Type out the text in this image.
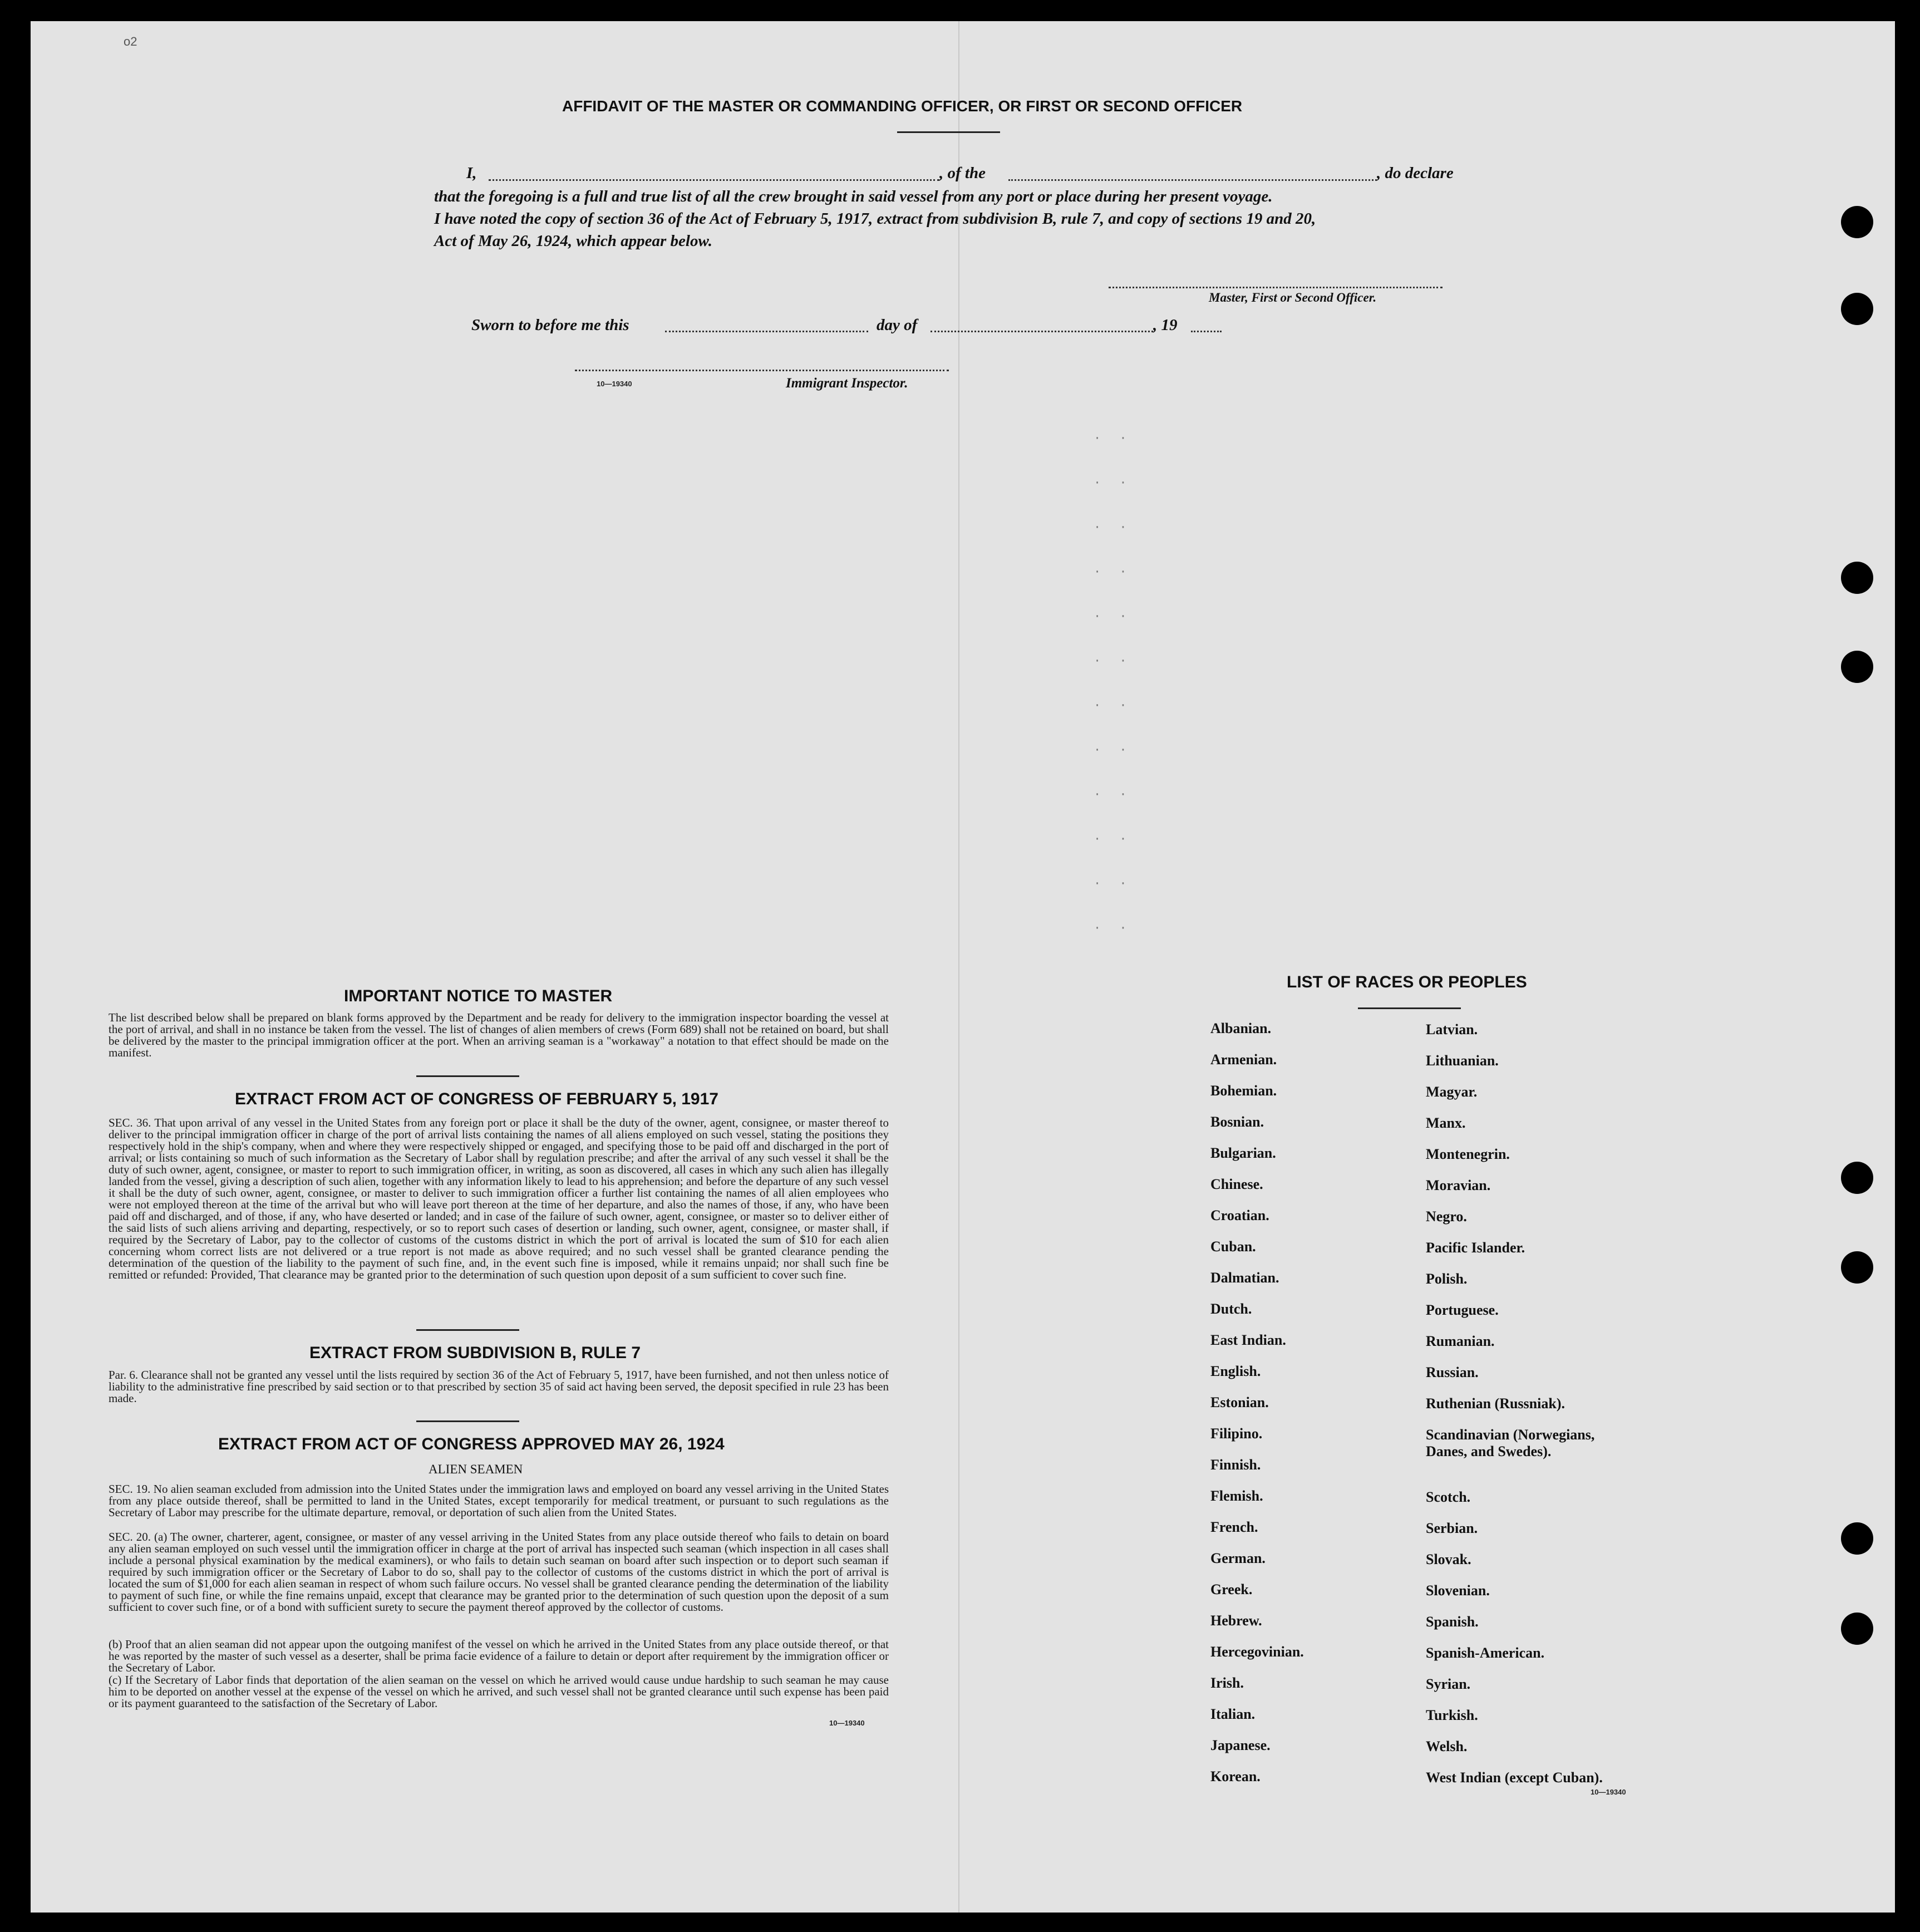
o2
AFFIDAVIT OF THE MASTER OR COMMANDING OFFICER, OR FIRST OR SECOND OFFICER
I,	, of the	, do declare
that the foregoing is a full and true list of all the crew brought in said vessel from any port or place during her present voyage.
I have noted the copy of section 36 of the Act of February 5, 1917, extract from subdivision B, rule 7, and copy of sections 19 and 20,
Act of May 26, 1924, which appear below.
Master, First or Second Officer.
Sworn to before me this	day of	, 19
10—19340	Immigrant Inspector.
· ·
· ·
· ·
· ·
· ·
· ·
· ·
· ·
· ·
· ·
· ·
· ·
IMPORTANT NOTICE TO MASTER
The list described below shall be prepared on blank forms approved by the Department and be ready for delivery to the immigration inspector boarding the vessel at the port of arrival, and shall in no instance be taken from the vessel. The list of changes of alien members of crews (Form 689) shall not be retained on board, but shall be delivered by the master to the principal immigration officer at the port. When an arriving seaman is a "workaway" a notation to that effect should be made on the manifest.
EXTRACT FROM ACT OF CONGRESS OF FEBRUARY 5, 1917
SEC. 36. That upon arrival of any vessel in the United States from any foreign port or place it shall be the duty of the owner, agent, consignee, or master thereof to deliver to the principal immigration officer in charge of the port of arrival lists containing the names of all aliens employed on such vessel, stating the positions they respectively hold in the ship's company, when and where they were respectively shipped or engaged, and specifying those to be paid off and discharged in the port of arrival; or lists containing so much of such information as the Secretary of Labor shall by regulation prescribe; and after the arrival of any such vessel it shall be the duty of such owner, agent, consignee, or master to report to such immigration officer, in writing, as soon as discovered, all cases in which any such alien has illegally landed from the vessel, giving a description of such alien, together with any information likely to lead to his apprehension; and before the departure of any such vessel it shall be the duty of such owner, agent, consignee, or master to deliver to such immigration officer a further list containing the names of all alien employees who were not employed thereon at the time of the arrival but who will leave port thereon at the time of her departure, and also the names of those, if any, who have been paid off and discharged, and of those, if any, who have deserted or landed; and in case of the failure of such owner, agent, consignee, or master so to deliver either of the said lists of such aliens arriving and departing, respectively, or so to report such cases of desertion or landing, such owner, agent, consignee, or master shall, if required by the Secretary of Labor, pay to the collector of customs of the customs district in which the port of arrival is located the sum of $10 for each alien concerning whom correct lists are not delivered or a true report is not made as above required; and no such vessel shall be granted clearance pending the determination of the question of the liability to the payment of such fine, and, in the event such fine is imposed, while it remains unpaid; nor shall such fine be remitted or refunded: Provided, That clearance may be granted prior to the determination of such question upon deposit of a sum sufficient to cover such fine.
EXTRACT FROM SUBDIVISION B, RULE 7
Par. 6. Clearance shall not be granted any vessel until the lists required by section 36 of the Act of February 5, 1917, have been furnished, and not then unless notice of liability to the administrative fine prescribed by said section or to that prescribed by section 35 of said act having been served, the deposit specified in rule 23 has been made.
EXTRACT FROM ACT OF CONGRESS APPROVED MAY 26, 1924
ALIEN SEAMEN
SEC. 19. No alien seaman excluded from admission into the United States under the immigration laws and employed on board any vessel arriving in the United States from any place outside thereof, shall be permitted to land in the United States, except temporarily for medical treatment, or pursuant to such regulations as the Secretary of Labor may prescribe for the ultimate departure, removal, or deportation of such alien from the United States.
SEC. 20. (a) The owner, charterer, agent, consignee, or master of any vessel arriving in the United States from any place outside thereof who fails to detain on board any alien seaman employed on such vessel until the immigration officer in charge at the port of arrival has inspected such seaman (which inspection in all cases shall include a personal physical examination by the medical examiners), or who fails to detain such seaman on board after such inspection or to deport such seaman if required by such immigration officer or the Secretary of Labor to do so, shall pay to the collector of customs of the customs district in which the port of arrival is located the sum of $1,000 for each alien seaman in respect of whom such failure occurs. No vessel shall be granted clearance pending the determination of the liability to payment of such fine, or while the fine remains unpaid, except that clearance may be granted prior to the determination of such question upon the deposit of a sum sufficient to cover such fine, or of a bond with sufficient surety to secure the payment thereof approved by the collector of customs.
(b) Proof that an alien seaman did not appear upon the outgoing manifest of the vessel on which he arrived in the United States from any place outside thereof, or that he was reported by the master of such vessel as a deserter, shall be prima facie evidence of a failure to detain or deport after requirement by the immigration officer or the Secretary of Labor.
(c) If the Secretary of Labor finds that deportation of the alien seaman on the vessel on which he arrived would cause undue hardship to such seaman he may cause him to be deported on another vessel at the expense of the vessel on which he arrived, and such vessel shall not be granted clearance until such expense has been paid or its payment guaranteed to the satisfaction of the Secretary of Labor.
10—19340
LIST OF RACES OR PEOPLES
Albanian.
Armenian.
Bohemian.
Bosnian.
Bulgarian.
Chinese.
Croatian.
Cuban.
Dalmatian.
Dutch.
East Indian.
English.
Estonian.
Filipino.
Finnish.
Flemish.
French.
German.
Greek.
Hebrew.
Hercegovinian.
Irish.
Italian.
Japanese.
Korean.
Latvian.
Lithuanian.
Magyar.
Manx.
Montenegrin.
Moravian.
Negro.
Pacific Islander.
Polish.
Portuguese.
Rumanian.
Russian.
Ruthenian (Russniak).
Scandinavian (Norwegians,
Danes, and Swedes).
Scotch.
Serbian.
Slovak.
Slovenian.
Spanish.
Spanish-American.
Syrian.
Turkish.
Welsh.
West Indian (except Cuban).
10—19340
